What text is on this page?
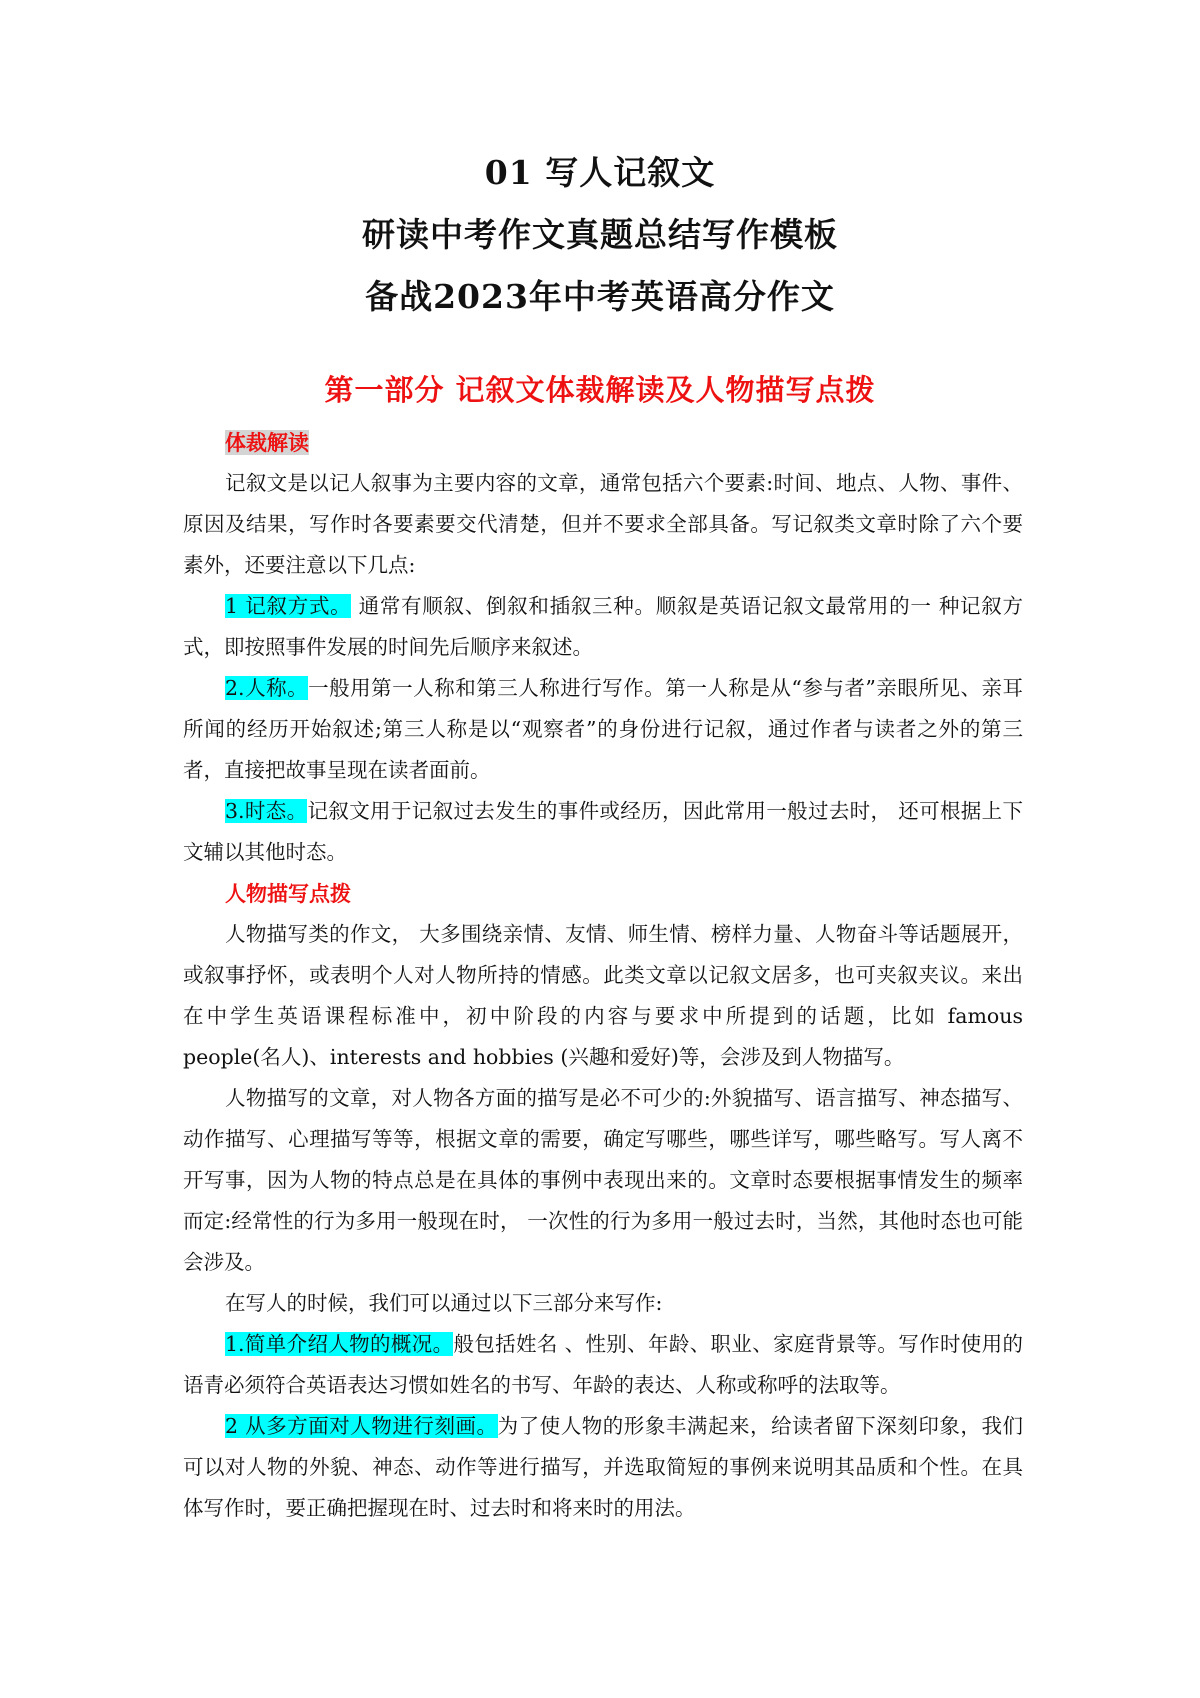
01 写人记叙文
研读中考作文真题总结写作模板
备战2023年中考英语高分作文
第一部分 记叙文体裁解读及人物描写点拨
体裁解读

记叙文是以记人叙事为主要内容的文章，通常包括六个要素:时间、地点、人物、事件、原因及结果，写作时各要素要交代清楚，但并不要求全部具备。写记叙类文章时除了六个要素外，还要注意以下几点:

1 记叙方式。 通常有顺叙、倒叙和插叙三种。顺叙是英语记叙文最常用的一 种记叙方式，即按照事件发展的时间先后顺序来叙述。

2.人称。一般用第一人称和第三人称进行写作。第一人称是从“参与者”亲眼所见、亲耳所闻的经历开始叙述;第三人称是以“观察者”的身份进行记叙，通过作者与读者之外的第三者，直接把故事呈现在读者面前。

3.时态。记叙文用于记叙过去发生的事件或经历，因此常用一般过去时， 还可根据上下文辅以其他时态。

人物描写点拨

人物描写类的作文， 大多围绕亲情、友情、师生情、榜样力量、人物奋斗等话题展开，或叙事抒怀，或表明个人对人物所持的情感。此类文章以记叙文居多，也可夹叙夹议。来出在中学生英语课程标准中，初中阶段的内容与要求中所提到的话题，比如 famous people(名人)、interests and hobbies (兴趣和爱好)等，会涉及到人物描写。

人物描写的文章，对人物各方面的描写是必不可少的:外貌描写、语言描写、神态描写、动作描写、心理描写等等，根据文章的需要，确定写哪些，哪些详写，哪些略写。写人离不开写事，因为人物的特点总是在具体的事例中表现出来的。文章时态要根据事情发生的频率而定:经常性的行为多用一般现在时， 一次性的行为多用一般过去时，当然，其他时态也可能会涉及。

在写人的时候，我们可以通过以下三部分来写作:

1.简单介绍人物的概况。般包括姓名 、性别、年龄、职业、家庭背景等。写作时使用的语青必须符合英语表达习惯如姓名的书写、年龄的表达、人称或称呼的法取等。

2 从多方面对人物进行刻画。为了使人物的形象丰满起来，给读者留下深刻印象，我们可以对人物的外貌、神态、动作等进行描写，并选取简短的事例来说明其品质和个性。在具体写作时，要正确把握现在时、过去时和将来时的用法。
